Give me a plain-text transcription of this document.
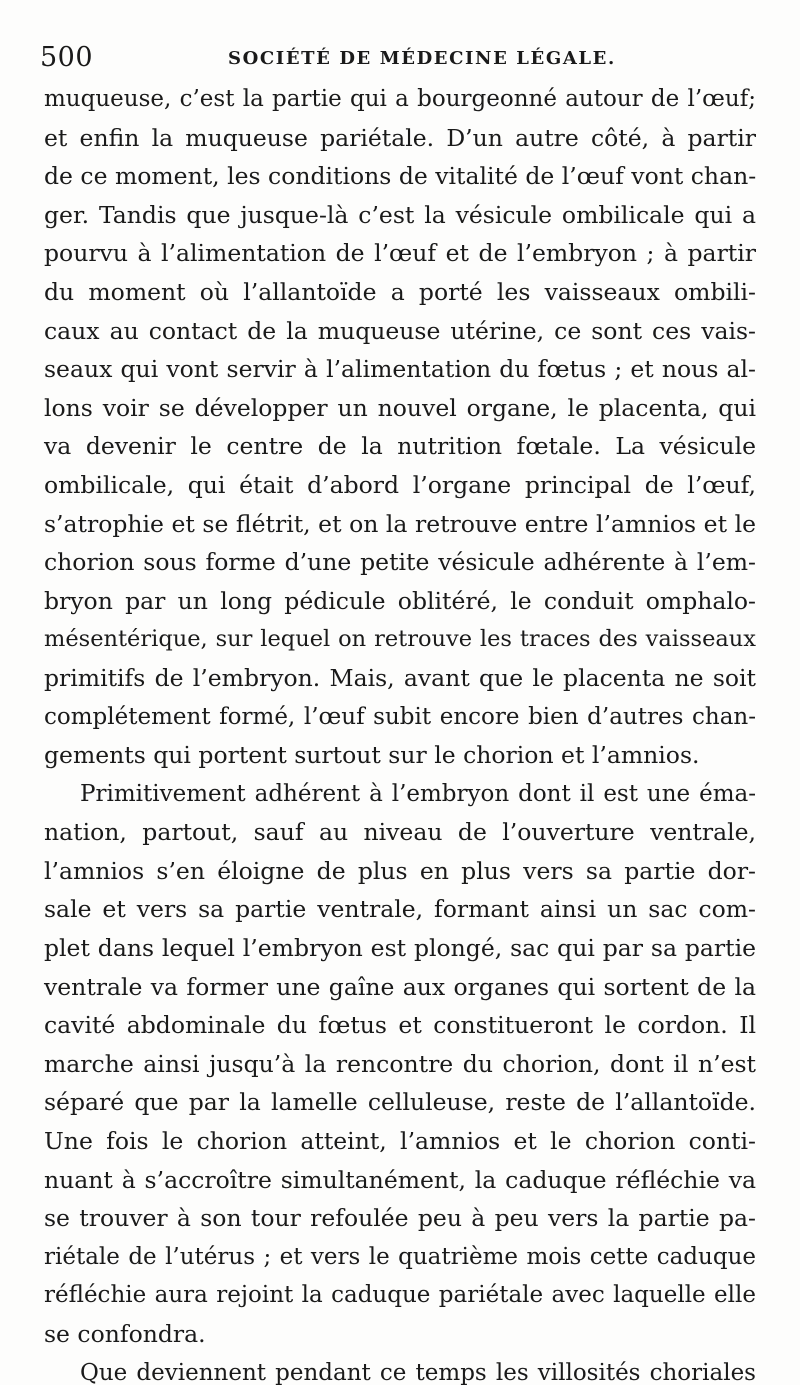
500	SOCIÉTÉ DE MÉDECINE LÉGALE.
muqueuse, c’est la partie qui a bourgeonné autour de l’œuf;
et enfin la muqueuse pariétale. D’un autre côté, à partir
de ce moment, les conditions de vitalité de l’œuf vont chan-
ger. Tandis que jusque-là c’est la vésicule ombilicale qui a
pourvu à l’alimentation de l’œuf et de l’embryon ; à partir
du moment où l’allantoïde a porté les vaisseaux ombili-
caux au contact de la muqueuse utérine, ce sont ces vais-
seaux qui vont servir à l’alimentation du fœtus ; et nous al-
lons voir se développer un nouvel organe, le placenta, qui
va devenir le centre de la nutrition fœtale. La vésicule
ombilicale, qui était d’abord l’organe principal de l’œuf,
s’atrophie et se flétrit, et on la retrouve entre l’amnios et le
chorion sous forme d’une petite vésicule adhérente à l’em-
bryon par un long pédicule oblitéré, le conduit omphalo-
mésentérique, sur lequel on retrouve les traces des vaisseaux
primitifs de l’embryon. Mais, avant que le placenta ne soit
complétement formé, l’œuf subit encore bien d’autres chan-
gements qui portent surtout sur le chorion et l’amnios.
Primitivement adhérent à l’embryon dont il est une éma-
nation, partout, sauf au niveau de l’ouverture ventrale,
l’amnios s’en éloigne de plus en plus vers sa partie dor-
sale et vers sa partie ventrale, formant ainsi un sac com-
plet dans lequel l’embryon est plongé, sac qui par sa partie
ventrale va former une gaîne aux organes qui sortent de la
cavité abdominale du fœtus et constitueront le cordon. Il
marche ainsi jusqu’à la rencontre du chorion, dont il n’est
séparé que par la lamelle celluleuse, reste de l’allantoïde.
Une fois le chorion atteint, l’amnios et le chorion conti-
nuant à s’accroître simultanément, la caduque réfléchie va
se trouver à son tour refoulée peu à peu vers la partie pa-
riétale de l’utérus ; et vers le quatrième mois cette caduque
réfléchie aura rejoint la caduque pariétale avec laquelle elle
se confondra.
Que deviennent pendant ce temps les villosités choriales
